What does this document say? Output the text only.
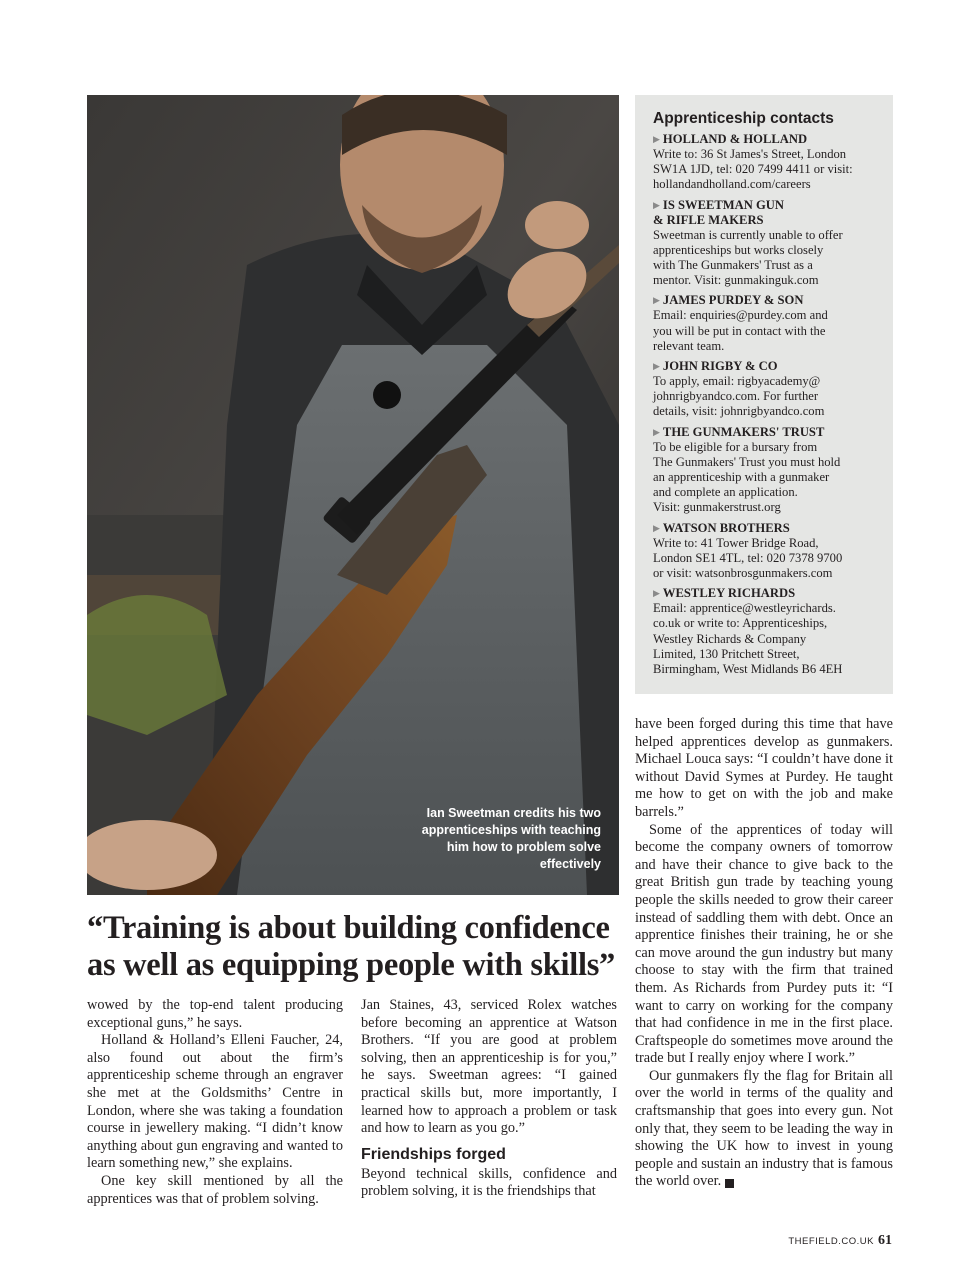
Ian Sweetman credits his two apprenticeships with teaching him how to problem solve effectively
Apprenticeship contacts
▶ HOLLAND & HOLLAND
Write to: 36 St James's Street, London
SW1A 1JD, tel: 020 7499 4411 or visit:
hollandandholland.com/careers
▶ IS SWEETMAN GUN
& RIFLE MAKERS
Sweetman is currently unable to offer
apprenticeships but works closely
with The Gunmakers' Trust as a
mentor. Visit: gunmakinguk.com
▶ JAMES PURDEY & SON
Email: enquiries@purdey.com and
you will be put in contact with the
relevant team.
▶ JOHN RIGBY & CO
To apply, email: rigbyacademy@
johnrigbyandco.com. For further
details, visit: johnrigbyandco.com
▶ THE GUNMAKERS' TRUST
To be eligible for a bursary from
The Gunmakers' Trust you must hold
an apprenticeship with a gunmaker
and complete an application.
Visit: gunmakerstrust.org
▶ WATSON BROTHERS
Write to: 41 Tower Bridge Road,
London SE1 4TL, tel: 020 7378 9700
or visit: watsonbrosgunmakers.com
▶ WESTLEY RICHARDS
Email: apprentice@westleyrichards.
co.uk or write to: Apprenticeships,
Westley Richards & Company
Limited, 130 Pritchett Street,
Birmingham, West Midlands B6 4EH
“Training is about building confidence as well as equipping people with skills”

wowed by the top-end talent producing exceptional guns,” he says.

Holland & Holland’s Elleni Faucher, 24, also found out about the firm’s apprenticeship scheme through an engraver she met at the Goldsmiths’ Centre in London, where she was taking a foundation course in jewellery making. “I didn’t know anything about gun engraving and wanted to learn something new,” she explains.

One key skill mentioned by all the apprentices was that of problem solving.

Jan Staines, 43, serviced Rolex watches before becoming an apprentice at Watson Brothers. “If you are good at problem solving, then an apprenticeship is for you,” he says. Sweetman agrees: “I gained practical skills but, more importantly, I learned how to approach a problem or task and how to learn as you go.”

Friendships forged

Beyond technical skills, confidence and problem solving, it is the friendships that

have been forged during this time that have helped apprentices develop as gunmakers. Michael Louca says: “I couldn’t have done it without David Symes at Purdey. He taught me how to get on with the job and make barrels.”

Some of the apprentices of today will become the company owners of tomorrow and have their chance to give back to the great British gun trade by teaching young people the skills needed to grow their career instead of saddling them with debt. Once an apprentice finishes their training, he or she can move around the gun industry but many choose to stay with the firm that trained them. As Richards from Purdey puts it: “I want to carry on working for the company that had confidence in me in the first place. Craftspeople do sometimes move around the trade but I really enjoy where I work.”

Our gunmakers fly the flag for Britain all over the world in terms of the quality and craftsmanship that goes into every gun. Not only that, they seem to be leading the way in showing the UK how to invest in young people and sustain an industry that is famous the world over.	F

THEFIELD.CO.UK 61
